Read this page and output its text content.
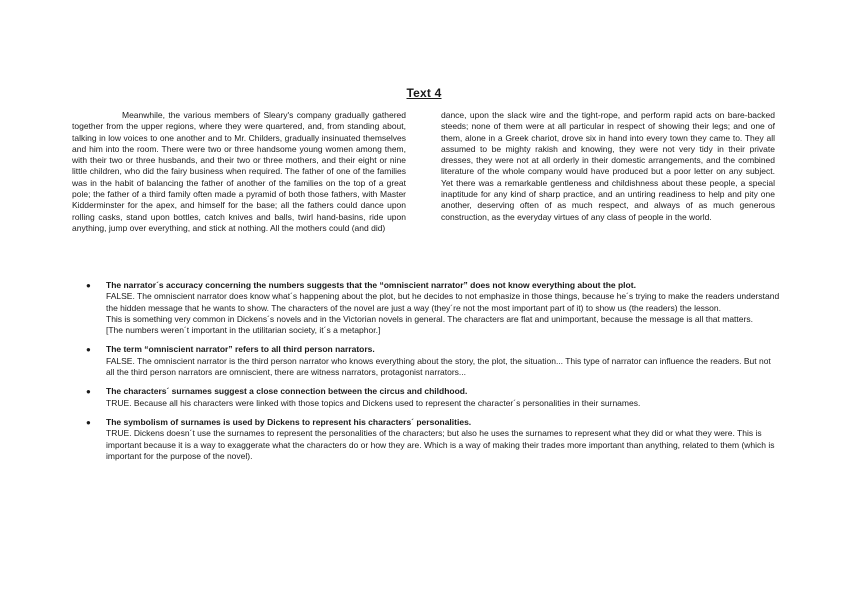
Text 4

Meanwhile, the various members of Sleary's company gradually gathered together from the upper regions, where they were quartered, and, from standing about, talking in low voices to one another and to Mr. Childers, gradually insinuated themselves and him into the room. There were two or three handsome young women among them, with their two or three husbands, and their two or three mothers, and their eight or nine little children, who did the fairy business when required. The father of one of the families was in the habit of balancing the father of another of the families on the top of a great pole; the father of a third family often made a pyramid of both those fathers, with Master Kidderminster for the apex, and himself for the base; all the fathers could dance upon rolling casks, stand upon bottles, catch knives and balls, twirl hand-basins, ride upon anything, jump over everything, and stick at nothing. All the mothers could (and did)

dance, upon the slack wire and the tight-rope, and perform rapid acts on bare-backed steeds; none of them were at all particular in respect of showing their legs; and one of them, alone in a Greek chariot, drove six in hand into every town they came to. They all assumed to be mighty rakish and knowing, they were not very tidy in their private dresses, they were not at all orderly in their domestic arrangements, and the combined literature of the whole company would have produced but a poor letter on any subject. Yet there was a remarkable gentleness and childishness about these people, a special inaptitude for any kind of sharp practice, and an untiring readiness to help and pity one another, deserving often of as much respect, and always of as much generous construction, as the everyday virtues of any class of people in the world.

● The narrator´s accuracy concerning the numbers suggests that the “omniscient narrator” does not know everything about the plot.
FALSE. The omniscient narrator does know what´s happening about the plot, but he decides to not emphasize in those things, because he´s trying to make the readers understand the hidden message that he wants to show. The characters of the novel are just a way (they´re not the most important part of it) to show us (the readers) the lesson.
This is something very common in Dickens´s novels and in the Victorian novels in general. The characters are flat and unimportant, because the message is all that matters.
[The numbers weren´t important in the utilitarian society, it´s a metaphor.]
● The term “omniscient narrator” refers to all third person narrators.
FALSE. The omniscient narrator is the third person narrator who knows everything about the story, the plot, the situation... This type of narrator can influence the readers. But not all the third person narrators are omniscient, there are witness narrators, protagonist narrators...
● The characters´ surnames suggest a close connection between the circus and childhood.
TRUE. Because all his characters were linked with those topics and Dickens used to represent the character´s personalities in their surnames.
● The symbolism of surnames is used by Dickens to represent his characters´ personalities.
TRUE. Dickens doesn´t use the surnames to represent the personalities of the characters; but also he uses the surnames to represent what they did or what they were. This is important because it is a way to exaggerate what the characters do or how they are. Which is a way of making their trades more important than anything, related to them (which is important for the purpose of the novel).
